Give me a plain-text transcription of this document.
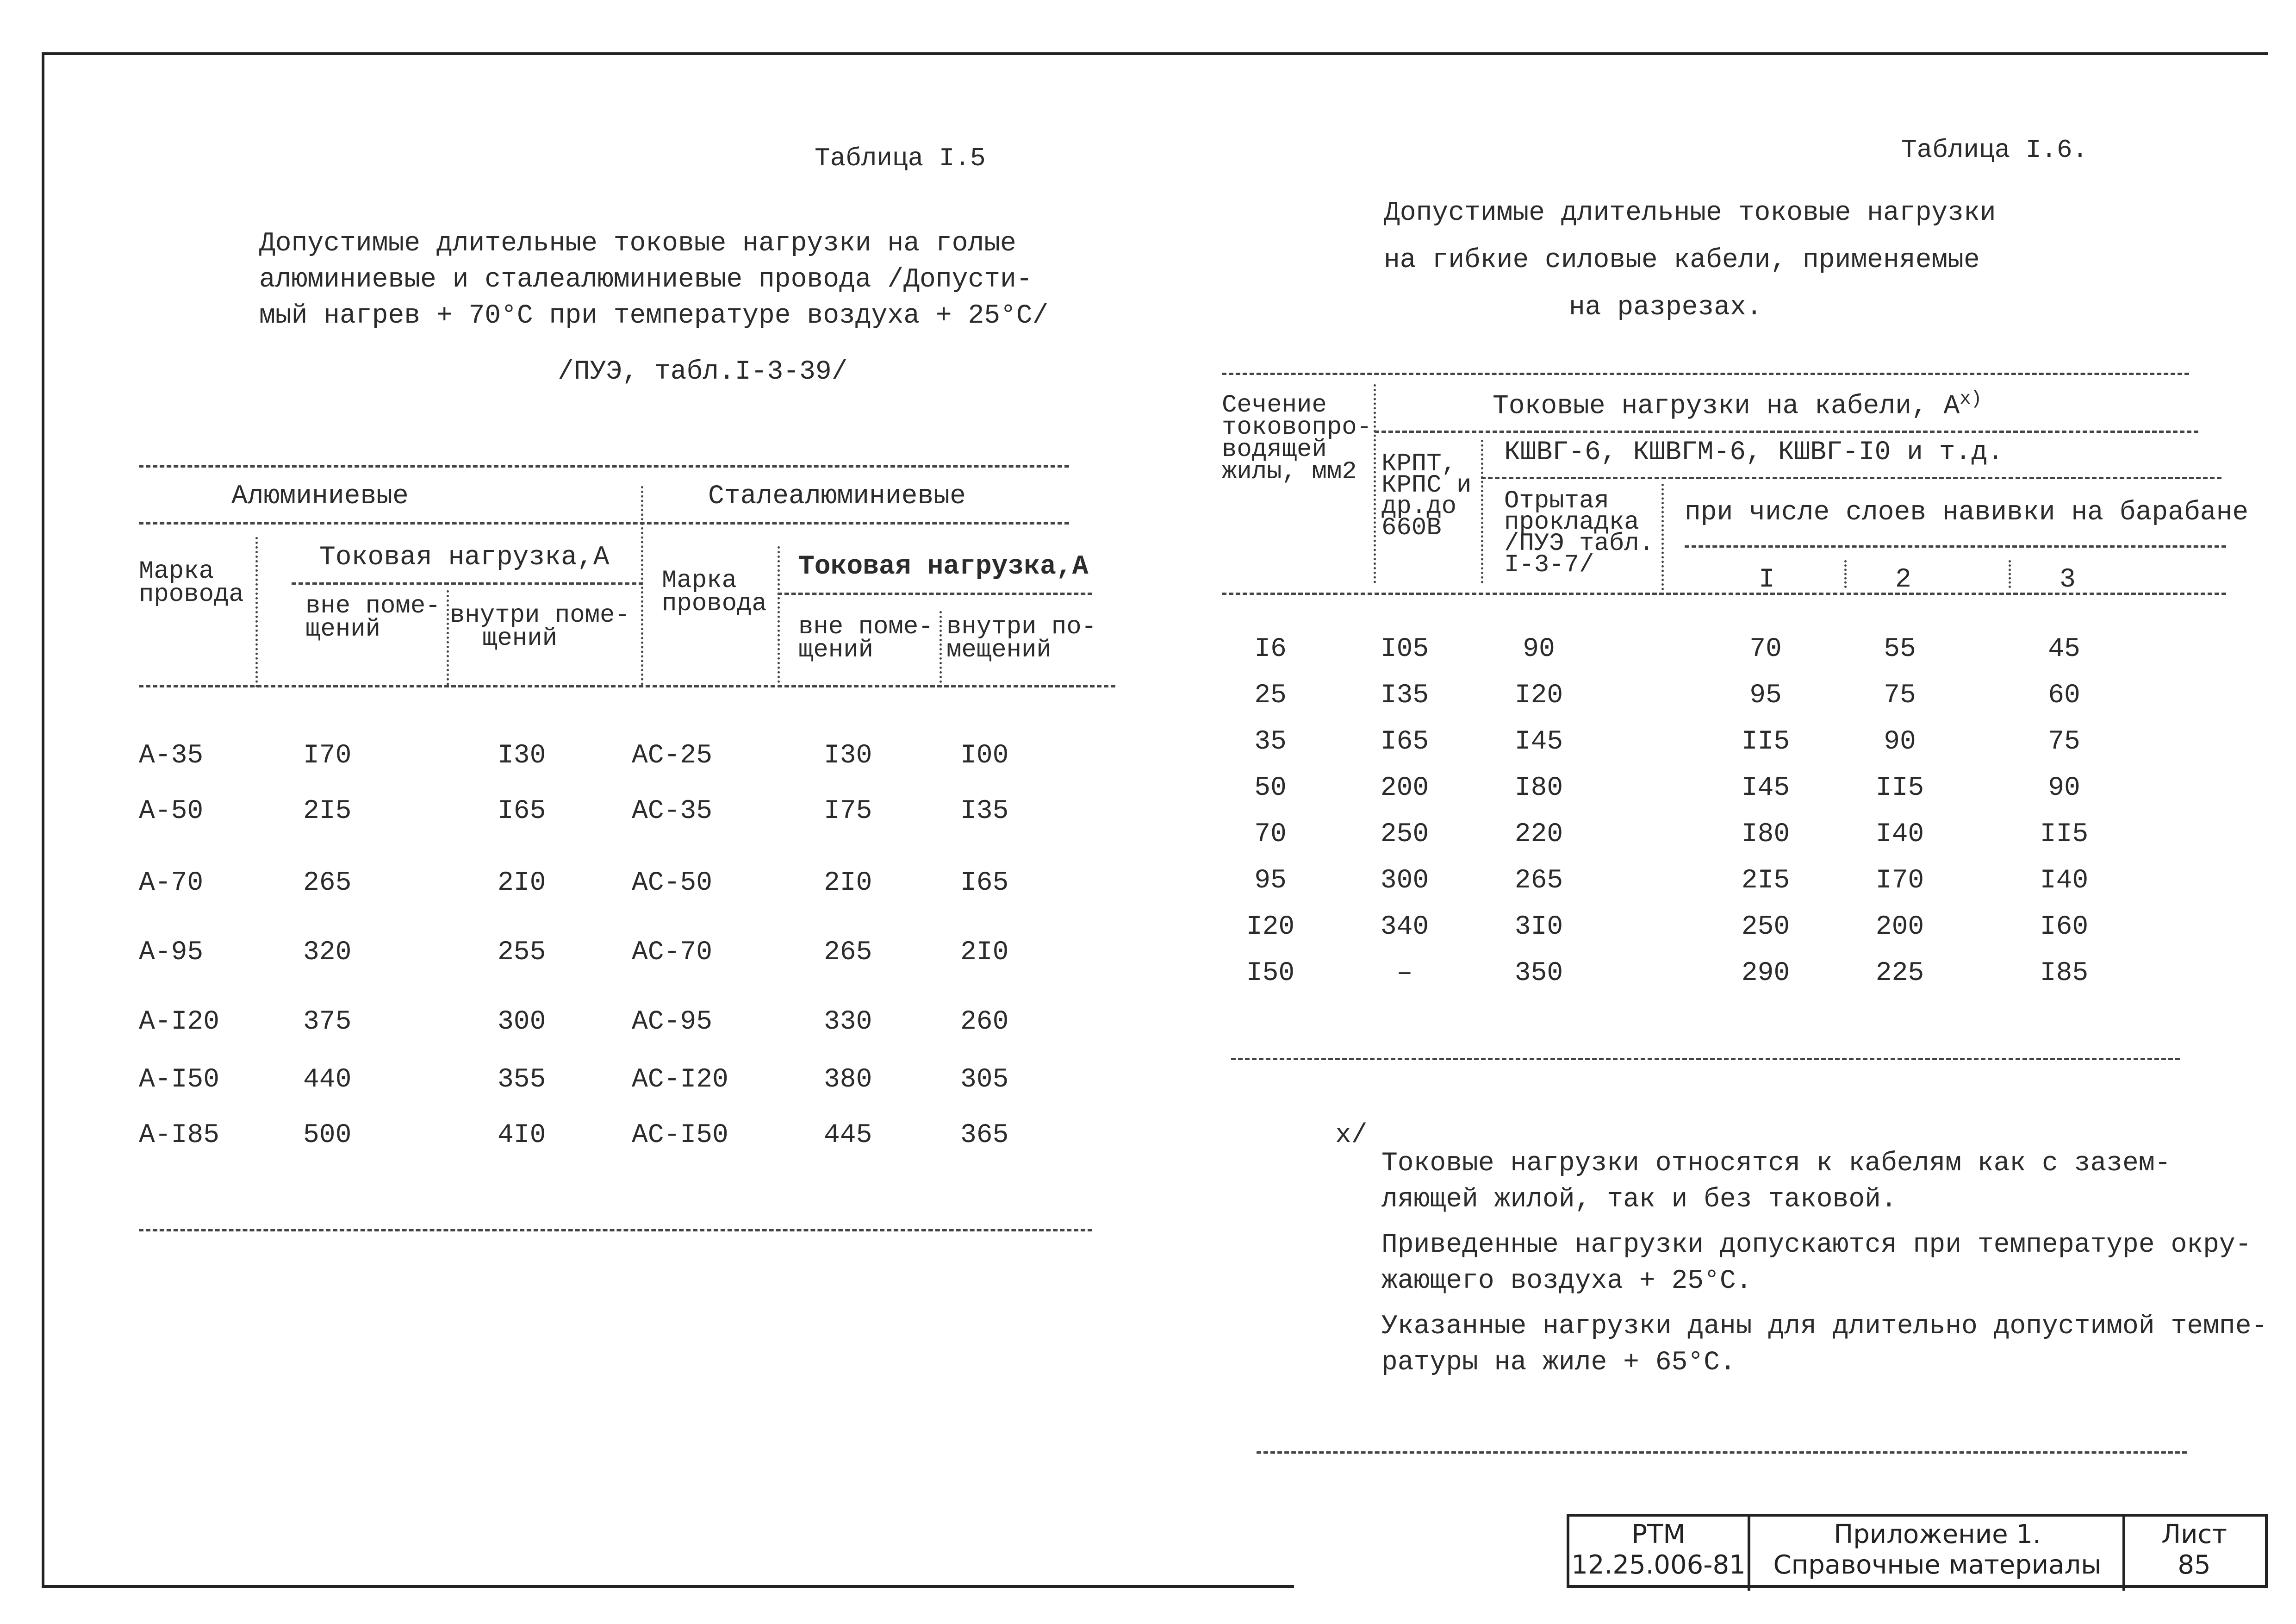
Таблица I.5
Допустимые длительные токовые нагрузки на голые
алюминиевые и сталеалюминиевые провода /Допусти-
мый нагрев + 70°С при температуре воздуха + 25°С/
/ПУЭ, табл.I-3-39/
Алюминиевые	Сталеалюминиевые
Марка
провода
Токовая нагрузка,А
вне поме-
щений	внутри поме-
щений
Марка
провода
Токовая нагрузка,А
вне поме-
щений
внутри по-
мещений
А-35	I70	I30	АС-25	I30	I00
А-50	2I5	I65	АС-35	I75	I35
А-70	265	2I0	АС-50	2I0	I65
А-95	320	255	АС-70	265	2I0
А-I20	375	300	АС-95	330	260
А-I50	440	355	АС-I20	380	305
А-I85	500	4I0	АС-I50	445	365
Таблица I.6.
Допустимые длительные токовые нагрузки
на гибкие силовые кабели, применяемые
на разрезах.
Сечение
токовопро-
водящей
жилы, мм2
Токовые нагрузки на кабели, $А^{х)}$
КШВГ-6, КШВГМ-6, КШВГ-I0 и т.д.
КРПТ,
КРПС и
др.до
660В
Отрытая
прокладка
/ПУЭ табл.
I-3-7/
при числе слоев навивки на барабане
I	2	3
I6	I05	90	70	55	45
25	I35	I20	95	75	60
35	I65	I45	II5	90	75
50	200	I80	I45	II5	90
70	250	220	I80	I40	II5
95	300	265	2I5	I70	I40
I20	340	3I0	250	200	I60
I50	–	350	290	225	I85
х/
Токовые нагрузки относятся к кабелям как с зазем-
ляющей жилой, так и без таковой.
Приведенные нагрузки допускаются при температуре окру-
жающего воздуха + 25°С.
Указанные нагрузки даны для длительно допустимой темпе-
ратуры на жиле + 65°С.
РТМ
12.25.006-81
Приложение 1.
Справочные материалы
Лист
85
